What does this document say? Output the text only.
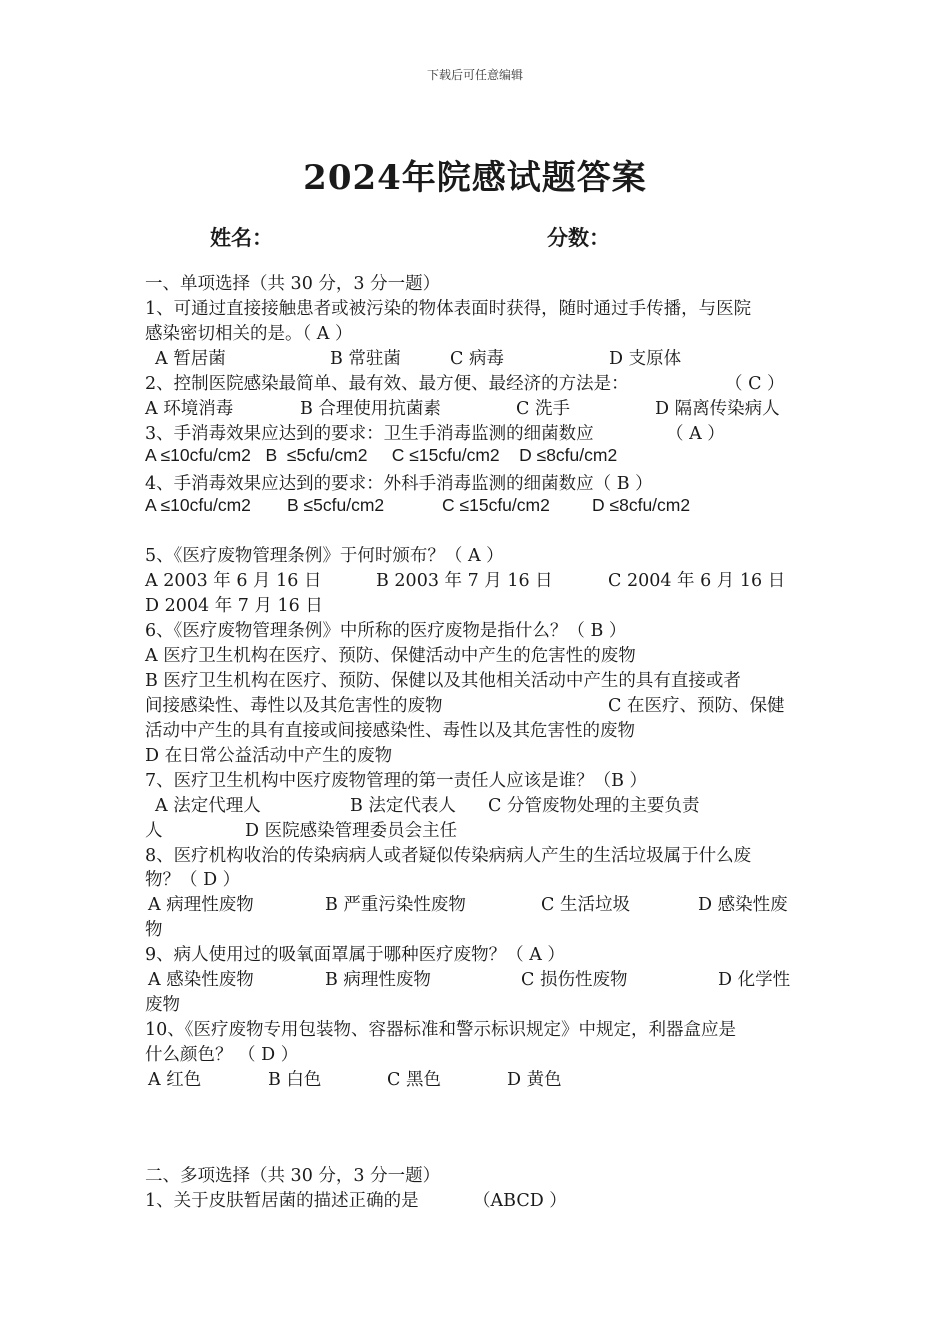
下载后可任意编辑
2024年院感试题答案
姓名：	分数：
一、单项选择（共 30 分，3 分一题）
1、可通过直接接触患者或被污染的物体表面时获得，随时通过手传播，与医院
感染密切相关的是。（ A ）
A 暂居菌	B 常驻菌	C 病毒	D 支原体
2、控制医院感染最简单、最有效、最方便、最经济的方法是：	（ C ）
A 环境消毒	B 合理使用抗菌素	C 洗手	D 隔离传染病人
3、手消毒效果应达到的要求：卫生手消毒监测的细菌数应	（ A ）
A ≤10cfu/cm2   B  ≤5cfu/cm2     C ≤15cfu/cm2    D ≤8cfu/cm2
4、手消毒效果应达到的要求：外科手消毒监测的细菌数应（ B ）
A ≤10cfu/cm2 B ≤5cfu/cm2	C ≤15cfu/cm2 D ≤8cfu/cm2
5、《医疗废物管理条例》于何时颁布？（ A ）
A 2003 年 6 月 16 日	B 2003 年 7 月 16 日	C 2004 年 6 月 16 日
D 2004 年 7 月 16 日
6、《医疗废物管理条例》中所称的医疗废物是指什么？（ B ）
A 医疗卫生机构在医疗、预防、保健活动中产生的危害性的废物
B 医疗卫生机构在医疗、预防、保健以及其他相关活动中产生的具有直接或者
间接感染性、毒性以及其危害性的废物	C 在医疗、预防、保健
活动中产生的具有直接或间接感染性、毒性以及其危害性的废物
D 在日常公益活动中产生的废物
7、医疗卫生机构中医疗废物管理的第一责任人应该是谁？（B ）
A 法定代理人	B 法定代表人 C 分管废物处理的主要负责
人	D 医院感染管理委员会主任
8、医疗机构收治的传染病病人或者疑似传染病病人产生的生活垃圾属于什么废
物？（ D ）
A 病理性废物	B 严重污染性废物	C 生活垃圾	D 感染性废
物
9、病人使用过的吸氧面罩属于哪种医疗废物？（ A ）
A 感染性废物	B 病理性废物	C 损伤性废物	D 化学性
废物
10、《医疗废物专用包装物、容器标准和警示标识规定》中规定，利器盒应是
什么颜色？ （ D ）
A 红色	B 白色	C 黑色	D 黄色
二、多项选择（共 30 分，3 分一题）
1、关于皮肤暂居菌的描述正确的是	（ABCD ）
